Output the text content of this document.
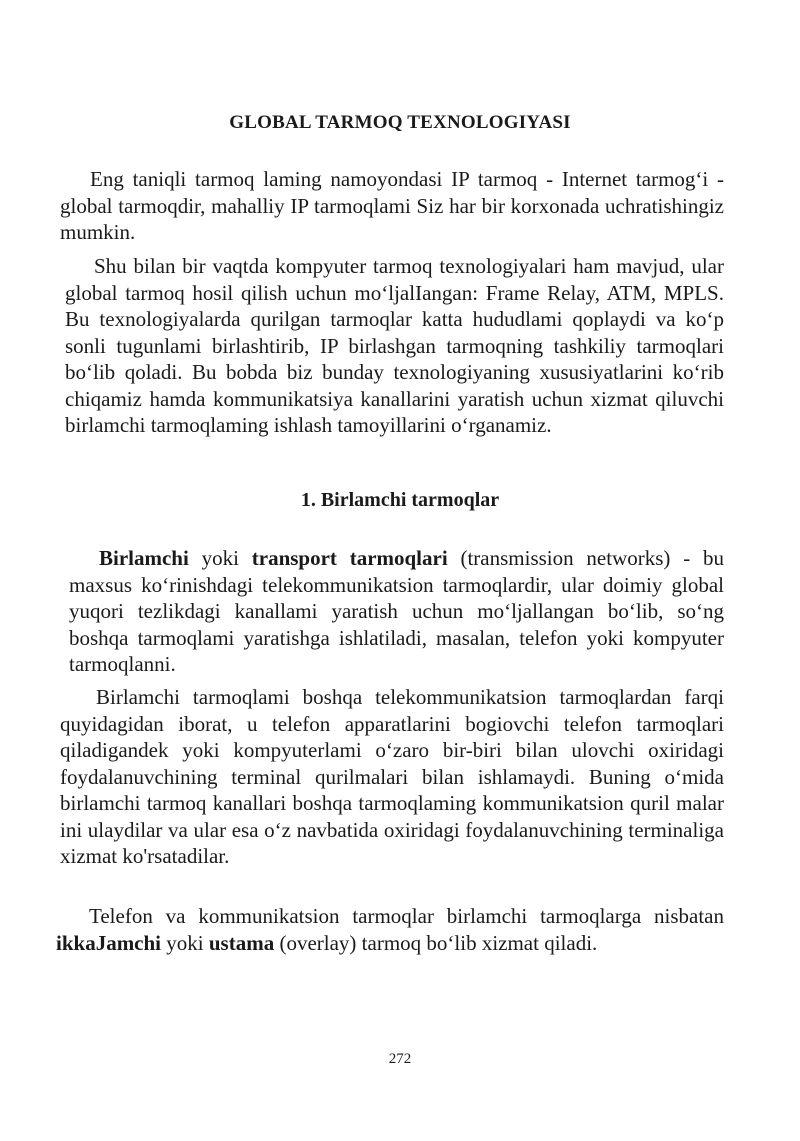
GLOBAL TARMOQ TEXNOLOGIYASI

Eng taniqli tarmoq laming namoyondasi IP tarmoq - Internet tarmog‘i - global tarmoqdir, mahalliy IP tarmoqlami Siz har bir korxonada uchratishingiz mumkin.

Shu bilan bir vaqtda kompyuter tarmoq texnologiyalari ham mavjud, ular global tarmoq hosil qilish uchun mo‘ljalIangan: Frame Relay, ATM, MPLS. Bu texnologiyalarda qurilgan tarmoqlar katta hududlami qoplaydi va ko‘p sonli tugunlami birlashtirib, IP birlashgan tarmoqning tashkiliy tarmoqlari bo‘lib qoladi. Bu bobda biz bunday texnologiyaning xususiyatlarini ko‘rib chiqamiz hamda kommunikatsiya kanallarini yaratish uchun xizmat qiluvchi birlamchi tarmoqlaming ishlash tamoyillarini o‘rganamiz.

1. Birlamchi tarmoqlar

Birlamchi yoki transport tarmoqlari (transmission networks) - bu maxsus ko‘rinishdagi telekommunikatsion tarmoqlardir, ular doimiy global yuqori tezlikdagi kanallami yaratish uchun mo‘ljallangan bo‘lib, so‘ng boshqa tarmoqlami yaratishga ishlatiladi, masalan, telefon yoki kompyuter tarmoqlanni.

Birlamchi tarmoqlami boshqa telekommunikatsion tarmoqlardan farqi quyidagidan iborat, u telefon apparatlarini bogiovchi telefon tarmoqlari qiladigandek yoki kompyuterlami o‘zaro bir-biri bilan ulovchi oxiridagi foydalanuvchining terminal qurilmalari bilan ishlamaydi. Buning o‘mida birlamchi tarmoq kanallari boshqa tarmoqlaming kommunikatsion quril malar ini ulaydilar va ular esa o‘z navbatida oxiridagi foydalanuvchining terminaliga xizmat ko'rsatadilar.

Telefon va kommunikatsion tarmoqlar birlamchi tarmoqlarga nisbatan ikkaJamchi yoki ustama (overlay) tarmoq bo‘lib xizmat qiladi.

272
